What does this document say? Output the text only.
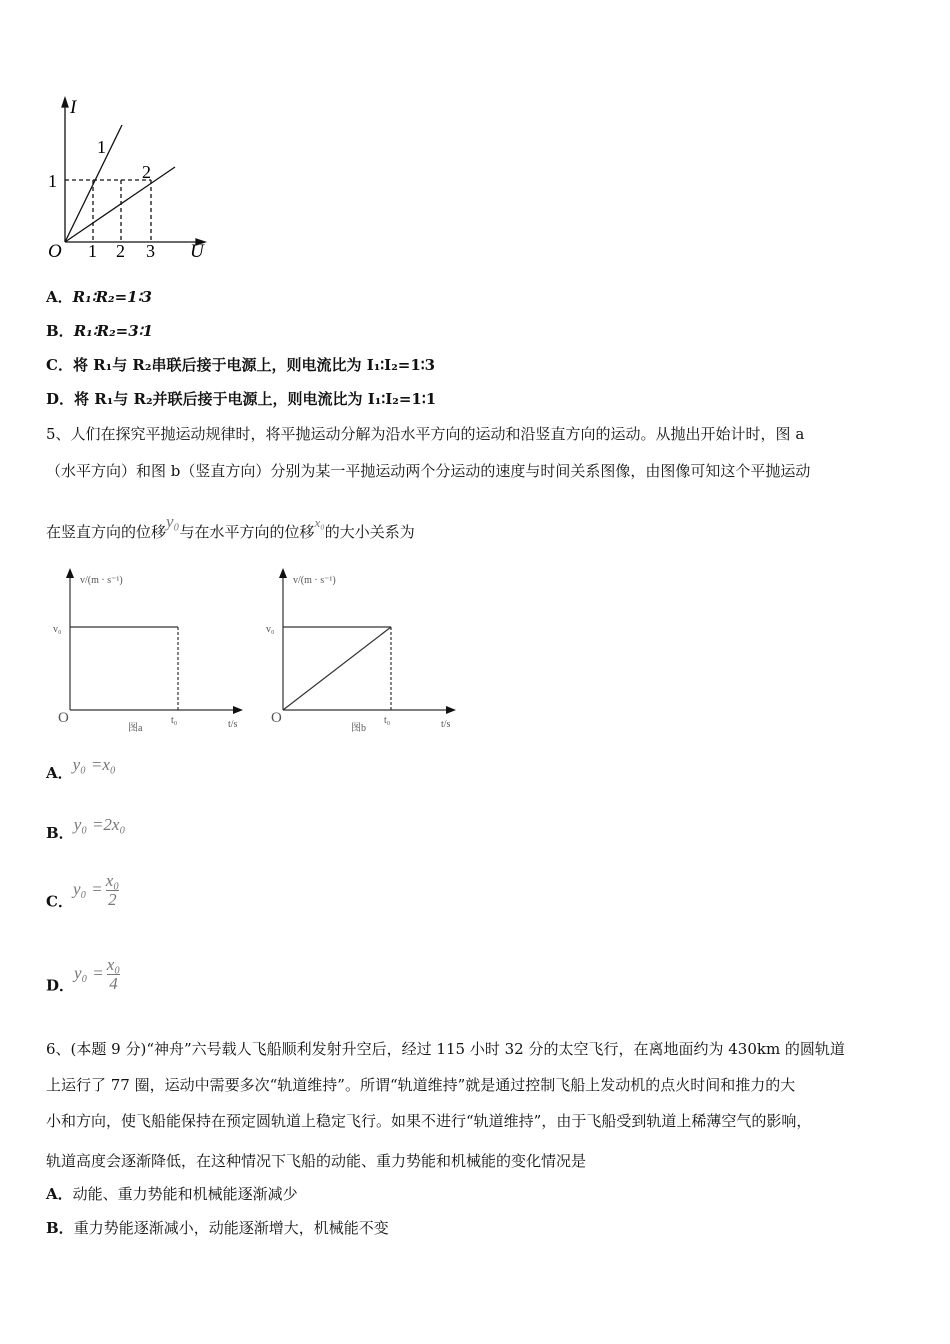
I
U
O
1
1 2 3
1
2
A．R₁∶R₂=1∶3
B．R₁∶R₂=3∶1
C．将 R₁与 R₂串联后接于电源上，则电流比为 I₁∶I₂=1∶3
D．将 R₁与 R₂并联后接于电源上，则电流比为 I₁∶I₂=1∶1
5、人们在探究平抛运动规律时，将平抛运动分解为沿水平方向的运动和沿竖直方向的运动。从抛出开始计时，图 a
（水平方向）和图 b（竖直方向）分别为某一平抛运动两个分运动的速度与时间关系图像，由图像可知这个平抛运动
在竖直方向的位移y₀与在水平方向的位移x₀的大小关系为
v/(m · s⁻¹)
v₀
t₀	t/s
O
图a
v/(m · s⁻¹)
v₀
t₀	t/s
O
图b
A．y₀ =x₀
B．y₀ =2x₀
C．$y_0 = \frac{\text{x₀}}{2}$
D．$y_0 = \frac{\text{x₀}}{4}$
6、(本题 9 分)“神舟”六号载人飞船顺利发射升空后，经过 115 小时 32 分的太空飞行，在离地面约为 430km 的圆轨道
上运行了 77 圈，运动中需要多次“轨道维持”。所谓“轨道维持”就是通过控制飞船上发动机的点火时间和推力的大
小和方向，使飞船能保持在预定圆轨道上稳定飞行。如果不进行“轨道维持”，由于飞船受到轨道上稀薄空气的影响，
轨道高度会逐渐降低，在这种情况下飞船的动能、重力势能和机械能的变化情况是
A．动能、重力势能和机械能逐渐减少
B．重力势能逐渐减小，动能逐渐增大，机械能不变
